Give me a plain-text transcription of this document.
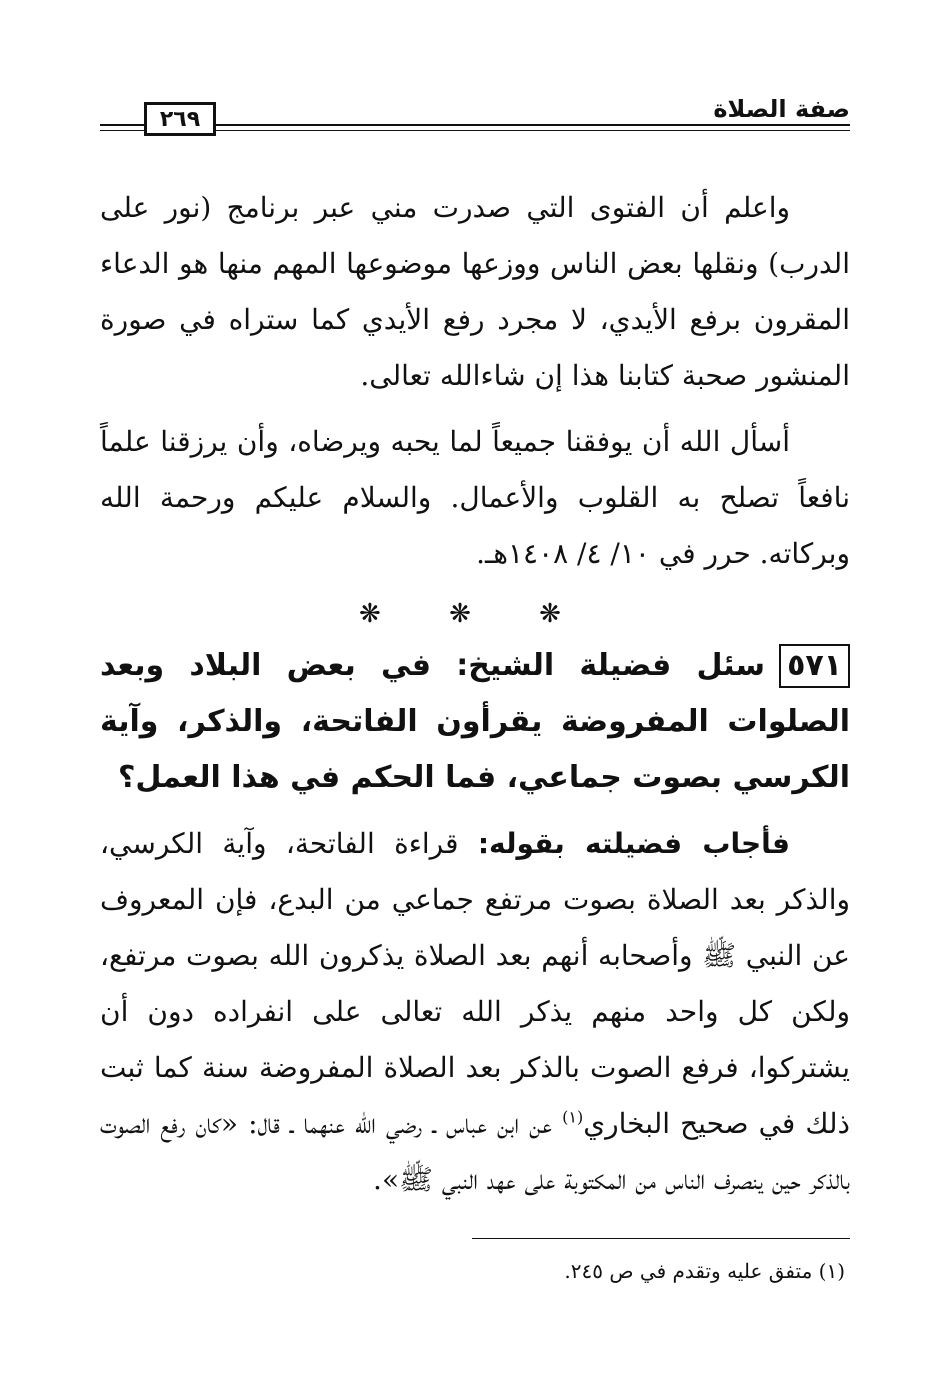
٢٦٩	صفة الصلاة

واعلم أن الفتوى التي صدرت مني عبر برنامج (نور على الدرب) ونقلها بعض الناس ووزعها موضوعها المهم منها هو الدعاء المقرون برفع الأيدي، لا مجرد رفع الأيدي كما ستراه في صورة المنشور صحبة كتابنا هذا إن شاءالله تعالى.

أسأل الله أن يوفقنا جميعاً لما يحبه ويرضاه، وأن يرزقنا علماً نافعاً تصلح به القلوب والأعمال. والسلام عليكم ورحمة الله وبركاته. حرر في ١٠/ ٤/ ١٤٠٨هـ.

❋ ❋ ❋

٥٧١سئل فضيلة الشيخ: في بعض البلاد وبعد الصلوات المفروضة يقرأون الفاتحة، والذكر، وآية الكرسي بصوت جماعي، فما الحكم في هذا العمل؟

فأجاب فضيلته بقوله: قراءة الفاتحة، وآية الكرسي، والذكر بعد الصلاة بصوت مرتفع جماعي من البدع، فإن المعروف عن النبي ﷺ وأصحابه أنهم بعد الصلاة يذكرون الله بصوت مرتفع، ولكن كل واحد منهم يذكر الله تعالى على انفراده دون أن يشتركوا، فرفع الصوت بالذكر بعد الصلاة المفروضة سنة كما ثبت ذلك في صحيح البخاري$^{(١)}$ عن ابن عباس ـ رضي الله عنهما ـ قال: «كان رفع الصوت بالذكر حين ينصرف الناس من المكتوبة على عهد النبي ﷺ».

(١) متفق عليه وتقدم في ص ٢٤٥.
